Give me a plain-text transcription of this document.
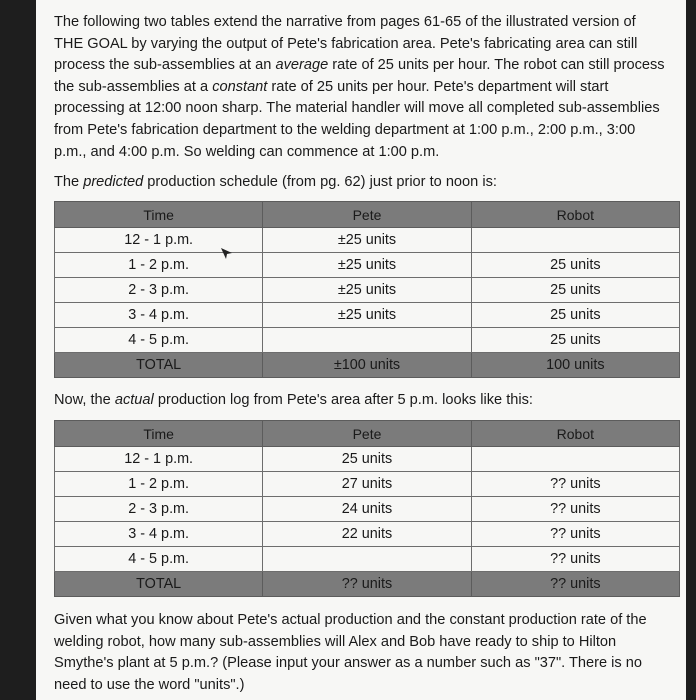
The following two tables extend the narrative from pages 61-65 of the illustrated version of THE GOAL by varying the output of Pete's fabrication area. Pete's fabricating area can still process the sub-assemblies at an average rate of 25 units per hour. The robot can still process the sub-assemblies at a constant rate of 25 units per hour. Pete's department will start processing at 12:00 noon sharp. The material handler will move all completed sub-assemblies from Pete's fabrication department to the welding department at 1:00 p.m., 2:00 p.m., 3:00 p.m., and 4:00 p.m. So welding can commence at 1:00 p.m.

The predicted production schedule (from pg. 62) just prior to noon is:

Time	Pete	Robot
12 - 1 p.m.	±25 units	
1 - 2 p.m.	±25 units	25 units
2 - 3 p.m.	±25 units	25 units
3 - 4 p.m.	±25 units	25 units
4 - 5 p.m.		25 units
TOTAL	±100 units	100 units

Now, the actual production log from Pete's area after 5 p.m. looks like this:

Time	Pete	Robot
12 - 1 p.m.	25 units	
1 - 2 p.m.	27 units	?? units
2 - 3 p.m.	24 units	?? units
3 - 4 p.m.	22 units	?? units
4 - 5 p.m.		?? units
TOTAL	?? units	?? units

Given what you know about Pete's actual production and the constant production rate of the welding robot, how many sub-assemblies will Alex and Bob have ready to ship to Hilton Smythe's plant at 5 p.m.? (Please input your answer as a number such as "37". There is no need to use the word "units".)
